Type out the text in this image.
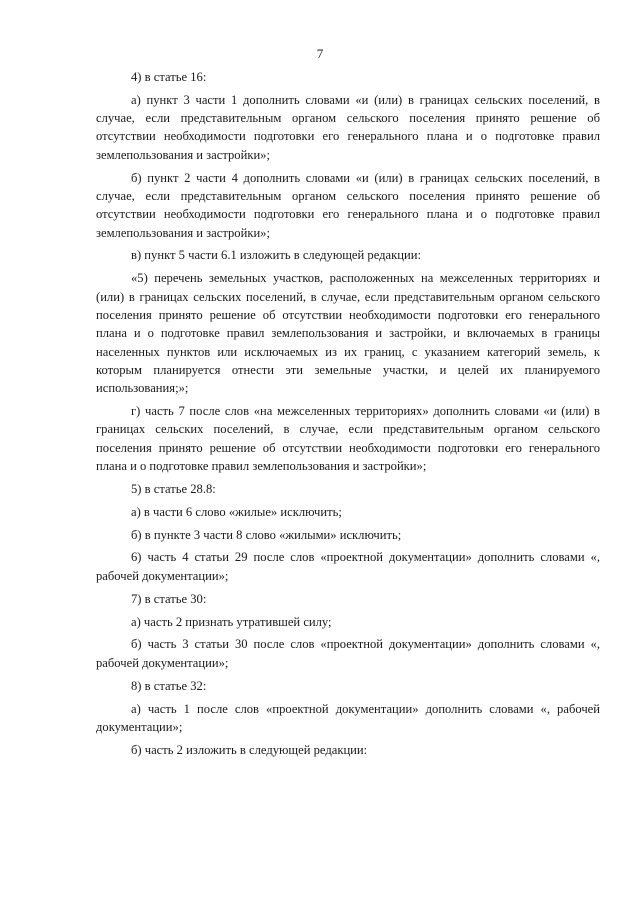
7

4) в статье 16:

а) пункт 3 части 1 дополнить словами «и (или) в границах сельских поселений, в случае, если представительным органом сельского поселения принято решение об отсутствии необходимости подготовки его генерального плана и о подготовке правил землепользования и застройки»;

б) пункт 2 части 4 дополнить словами «и (или) в границах сельских поселений, в случае, если представительным органом сельского поселения принято решение об отсутствии необходимости подготовки его генерального плана и о подготовке правил землепользования и застройки»;

в) пункт 5 части 6.1 изложить в следующей редакции:

«5) перечень земельных участков, расположенных на межселенных территориях и (или) в границах сельских поселений, в случае, если представительным органом сельского поселения принято решение об отсутствии необходимости подготовки его генерального плана и о подготовке правил землепользования и застройки, и включаемых в границы населенных пунктов или исключаемых из их границ, с указанием категорий земель, к которым планируется отнести эти земельные участки, и целей их планируемого использования;»;

г) часть 7 после слов «на межселенных территориях» дополнить словами «и (или) в границах сельских поселений, в случае, если представительным органом сельского поселения принято решение об отсутствии необходимости подготовки его генерального плана и о подготовке правил землепользования и застройки»;

5) в статье 28.8:

а) в части 6 слово «жилые» исключить;

б) в пункте 3 части 8 слово «жилыми» исключить;

6) часть 4 статьи 29 после слов «проектной документации» дополнить словами «, рабочей документации»;

7) в статье 30:

а) часть 2 признать утратившей силу;

б) часть 3 статьи 30 после слов «проектной документации» дополнить словами «, рабочей документации»;

8) в статье 32:

а) часть 1 после слов «проектной документации» дополнить словами «, рабочей документации»;

б) часть 2 изложить в следующей редакции:
